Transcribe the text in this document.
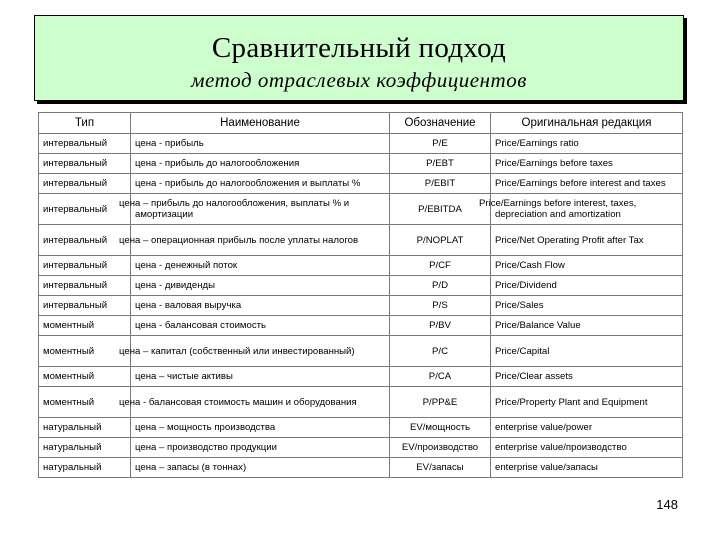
Сравнительный подход
метод отраслевых коэффициентов
Тип	Наименование	Обозначение	Оригинальная редакция
интервальный	цена - прибыль	P/E	Price/Earnings ratio
интервальный	цена - прибыль до налогообложения	P/EBT	Price/Earnings before taxes
интервальный	цена - прибыль до налогообложения и выплаты %	P/EBIT	Price/Earnings before interest and taxes
интервальный	цена – прибыль до налогообложения, выплаты % и амортизации	P/EBITDA	Price/Earnings before interest, taxes, depreciation and amortization
интервальный	цена – операционная прибыль после уплаты налогов	P/NOPLAT	Price/Net Operating Profit after Tax
интервальный	цена - денежный поток	P/CF	Price/Cash Flow
интервальный	цена - дивиденды	P/D	Price/Dividend
интервальный	цена - валовая выручка	P/S	Price/Sales
моментный	цена - балансовая стоимость	P/BV	Price/Balance Value
моментный	цена – капитал (собственный или инвестированный)	P/C	Price/Capital
моментный	цена – чистые активы	P/CA	Price/Clear assets
моментный	цена - балансовая стоимость машин и оборудования	P/PP&E	Price/Property Plant and Equipment
натуральный	цена – мощность производства	EV/мощность	enterprise value/power
натуральный	цена – производство продукции	EV/производство	enterprise value/производство
натуральный	цена – запасы (в тоннах)	EV/запасы	enterprise value/запасы
148
